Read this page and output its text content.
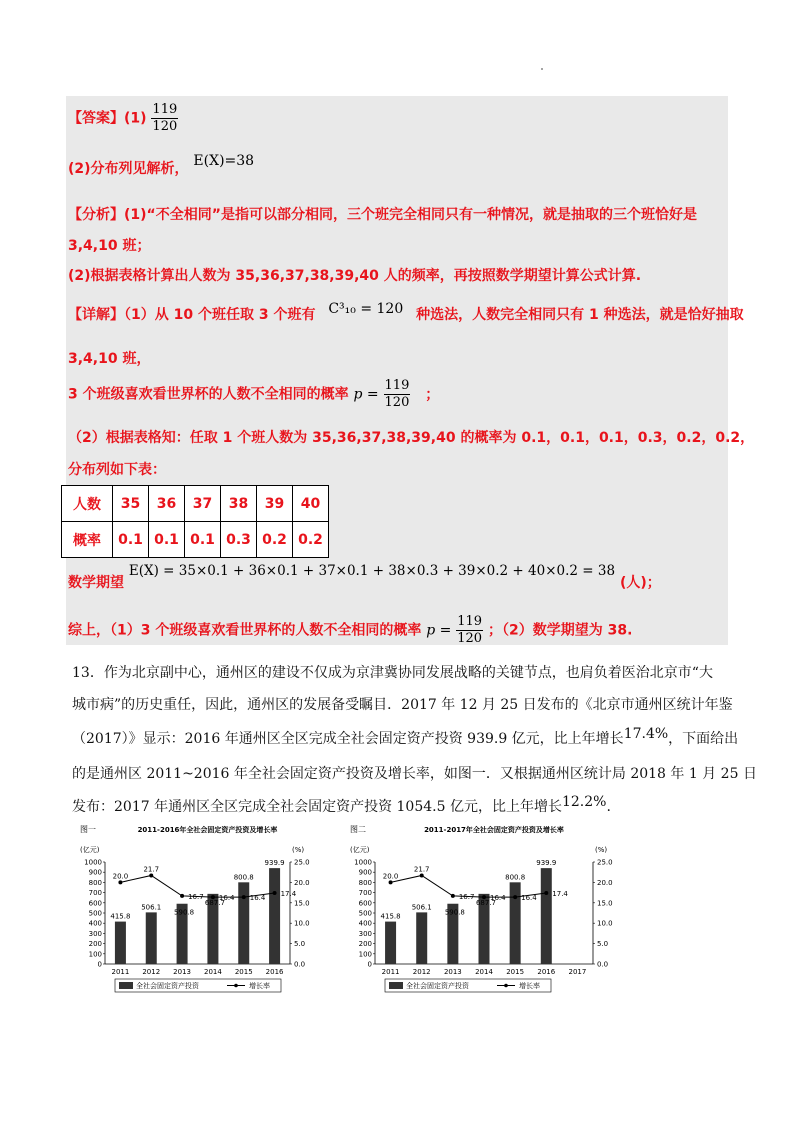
【答案】$(1) \frac{119}{120}$
(2)分布列见解析， E(X)=38
【分析】(1)“不全相同”是指可以部分相同，三个班完全相同只有一种情况，就是抽取的三个班恰好是
3,4,10 班；
(2)根据表格计算出人数为 35,36,37,38,39,40 人的频率，再按照数学期望计算公式计算.
【详解】（1）从 10 个班任取 3 个班有 C³₁₀ = 120 种选法，人数完全相同只有 1 种选法，就是恰好抽取
3,4,10 班，
3 个班级喜欢看世界杯的人数不全相同的概率 $p = \frac{119}{120}$ ；
（2）根据表格知：任取 1 个班人数为 35,36,37,38,39,40 的概率为 0.1，0.1，0.1，0.3，0.2，0.2，
分布列如下表：
人数	35	36	37	38	39	40
概率	0.1	0.1	0.1	0.3	0.2	0.2
数学期望 E(X) = 35×0.1 + 36×0.1 + 37×0.1 + 38×0.3 + 39×0.2 + 40×0.2 = 38 (人)；
综上，（1）3 个班级喜欢看世界杯的人数不全相同的概率 $p = \frac{119}{120}$ ；（2）数学期望为 38.
13．作为北京副中心，通州区的建设不仅成为京津冀协同发展战略的关键节点，也肩负着医治北京市“大
城市病”的历史重任，因此，通州区的发展备受瞩目．2017 年 12 月 25 日发布的《北京市通州区统计年鉴
（2017）》显示：2016 年通州区全区完成全社会固定资产投资 939.9 亿元，比上年增长17.4%，下面给出
的是通州区 2011~2016 年全社会固定资产投资及增长率，如图一．又根据通州区统计局 2018 年 1 月 25 日
发布：2017 年通州区全区完成全社会固定资产投资 1054.5 亿元，比上年增长12.2%.
图一	2011-2016年全社会固定资产投资及增长率
(亿元)	(%)
0
100
200
300
400
500
600
700
800
900
1000
0.0
5.0
10.0
15.0
20.0
25.0
2011 2012 2013 2014 2015 2016
415.8
506.1
590.8
687.7
800.8
939.9
20.0
21.7
16.7 16.4 16.4
17.4
全社会固定资产投资	增长率
图二	2011-2017年全社会固定资产投资及增长率
(亿元)	(%)
0
100
200
300
400
500
600
700
800
900
1000
0.0
5.0
10.0
15.0
20.0
25.0
2011 2012 2013 2014 2015 2016 2017
415.8
506.1
590.8
687.7
800.8
939.9
20.0
21.7
16.7 16.4 16.4
17.4
全社会固定资产投资	增长率
